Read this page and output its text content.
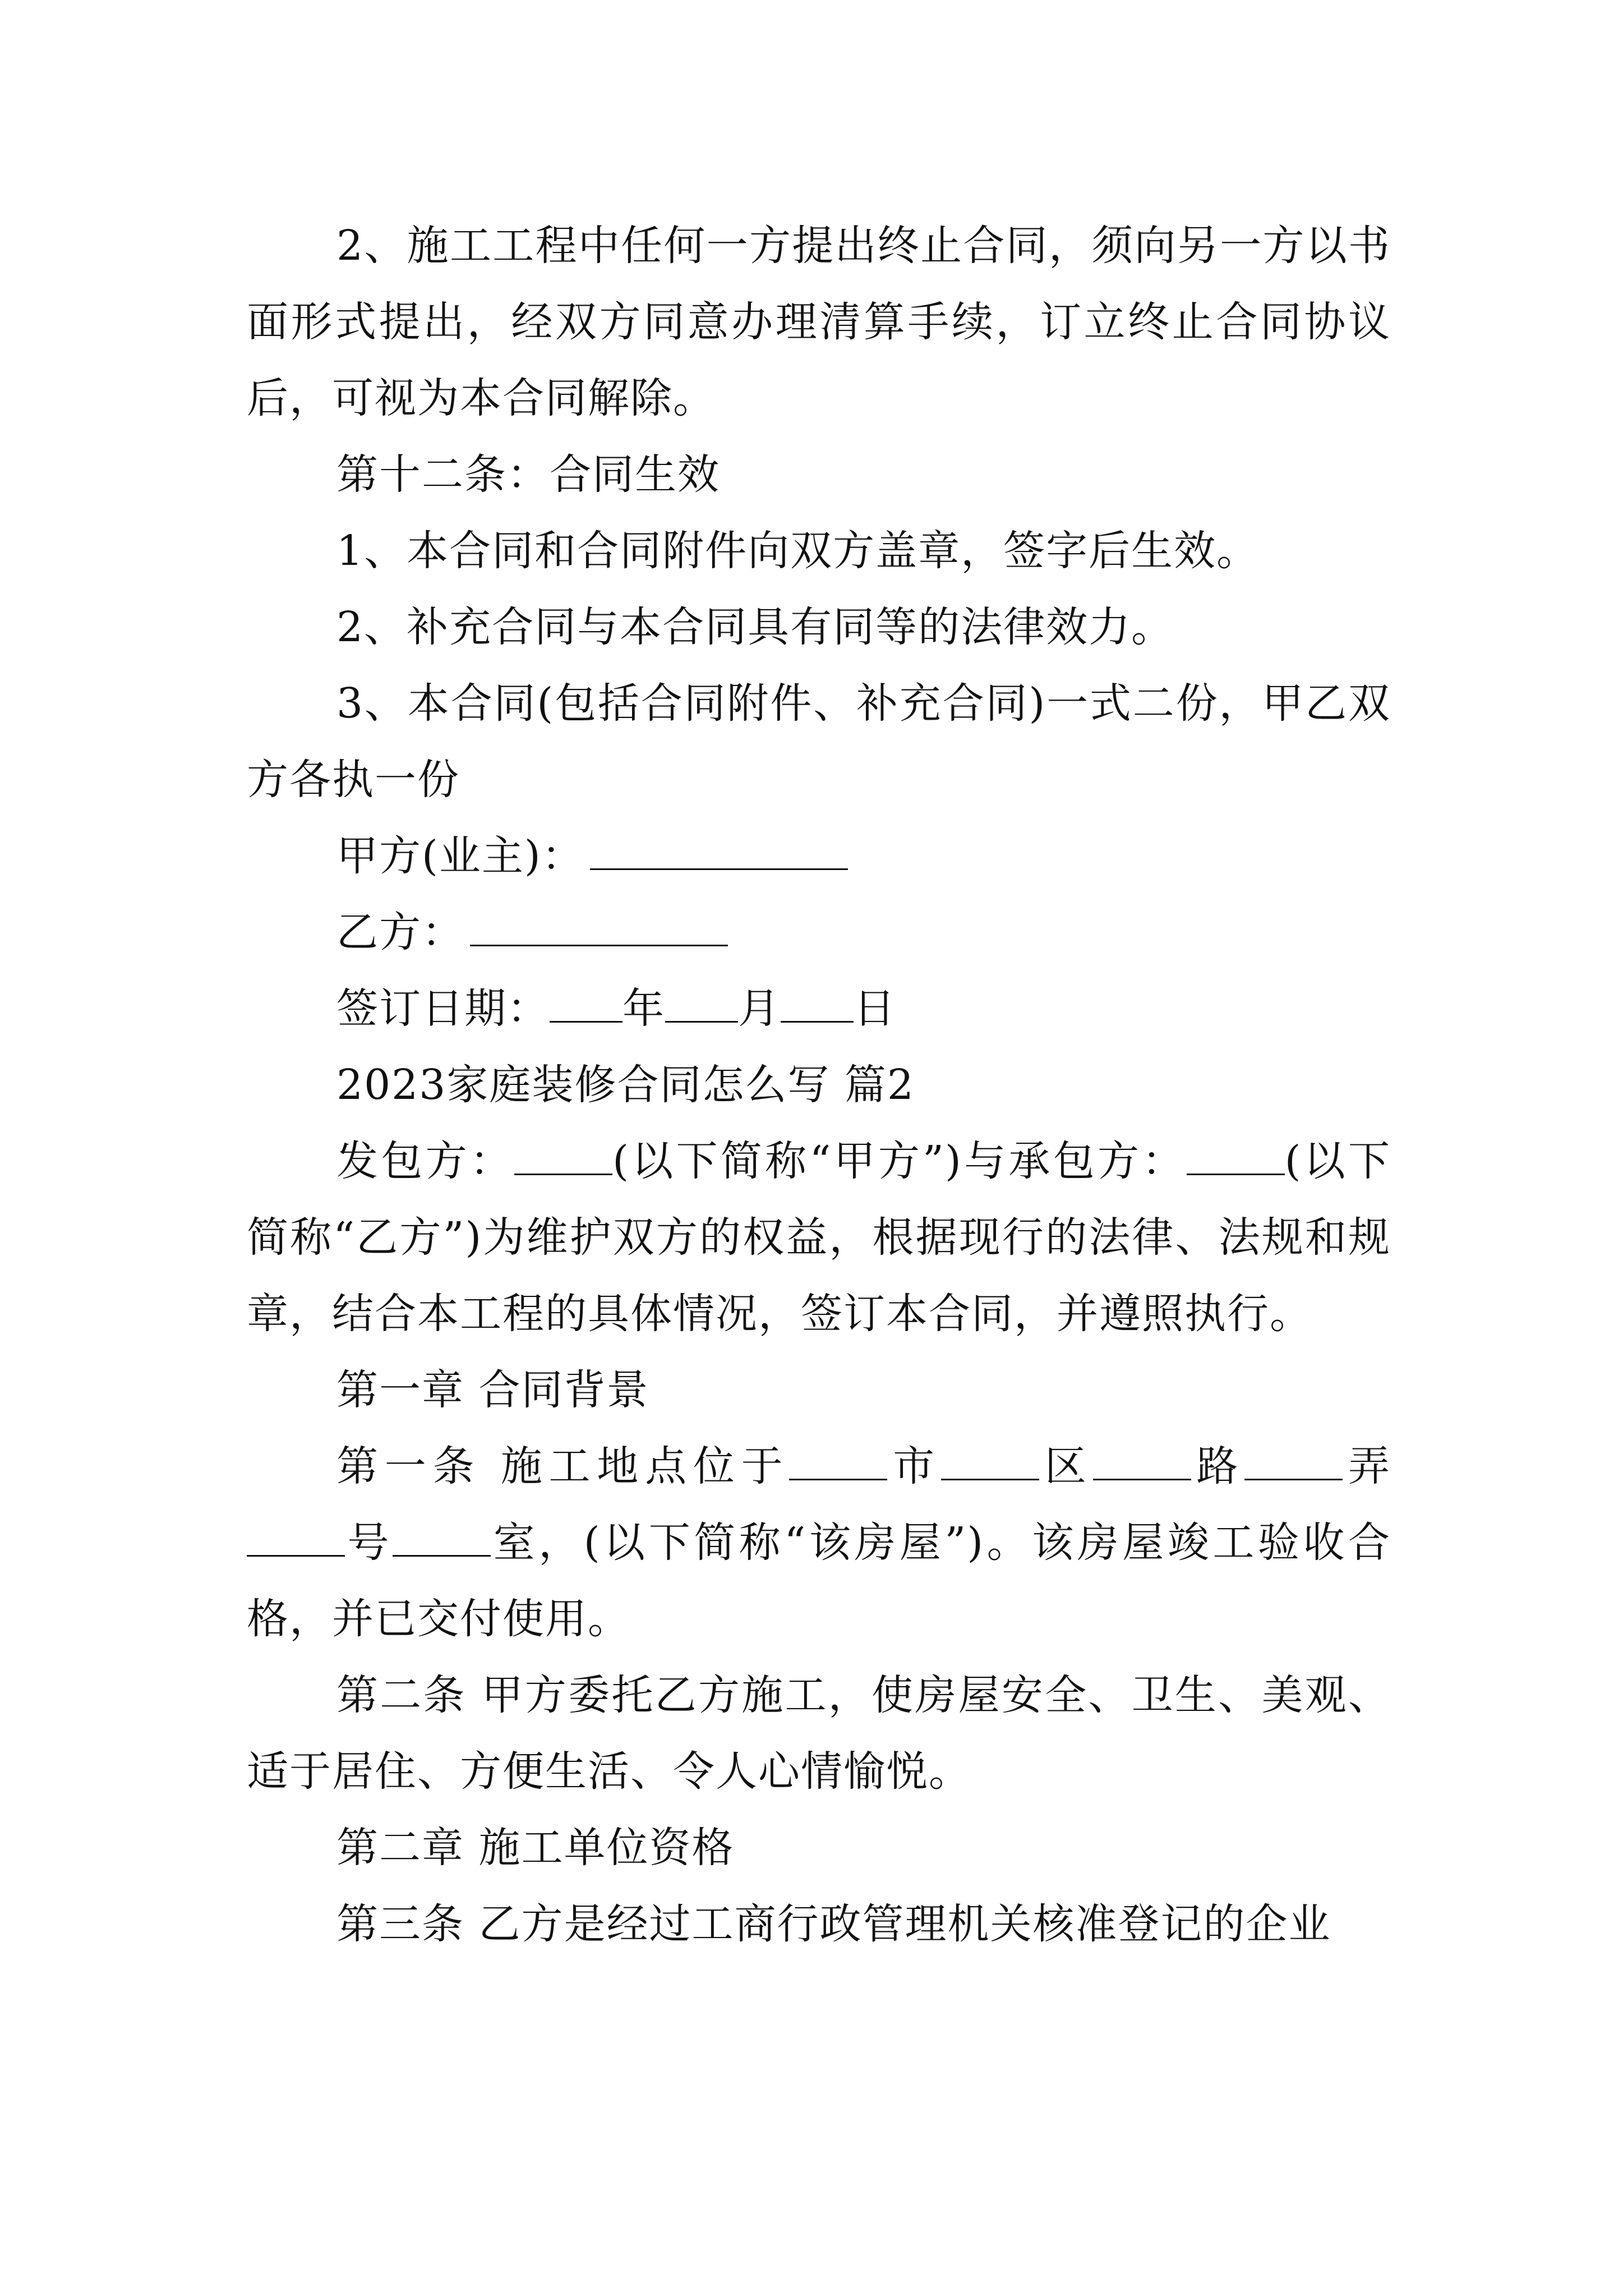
2、施工工程中任何一方提出终止合同，须向另一方以书面形式提出，经双方同意办理清算手续，订立终止合同协议后，可视为本合同解除。

第十二条：合同生效

1、本合同和合同附件向双方盖章，签字后生效。

2、补充合同与本合同具有同等的法律效力。

3、本合同(包括合同附件、补充合同)一式二份，甲乙双方各执一份

甲方(业主)：

乙方：

签订日期： 年 月 日

2023家庭装修合同怎么写 篇2

发包方： (以下简称“甲方”)与承包方： (以下简称“乙方”)为维护双方的权益，根据现行的法律、法规和规章，结合本工程的具体情况，签订本合同，并遵照执行。

第一章 合同背景

第一条 施工地点位于 市 区 路 弄号 室，(以下简称“该房屋”)。该房屋竣工验收合格，并已交付使用。

第二条 甲方委托乙方施工，使房屋安全、卫生、美观、适于居住、方便生活、令人心情愉悦。

第二章 施工单位资格

第三条 乙方是经过工商行政管理机关核准登记的企业
